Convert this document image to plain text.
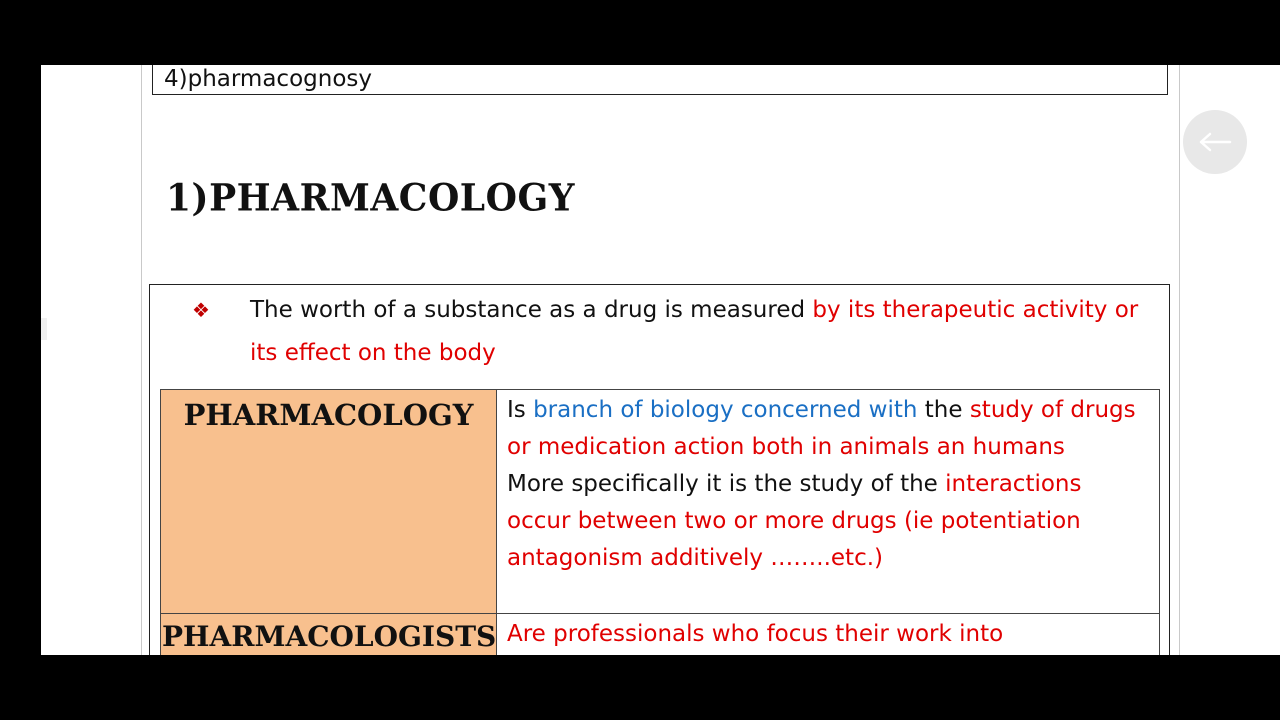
4)pharmacognosy
1)PHARMACOLOGY
❖ The worth of a substance as a drug is measured by its therapeutic activity or its effect on the body
PHARMACOLOGY	Is branch of biology concerned with the study of drugs or medication action both in animals an humans
More specifically it is the study of the interactions occur between two or more drugs (ie potentiation antagonism additively ……..etc.)

PHARMACOLOGISTS	Are professionals who focus their work into
